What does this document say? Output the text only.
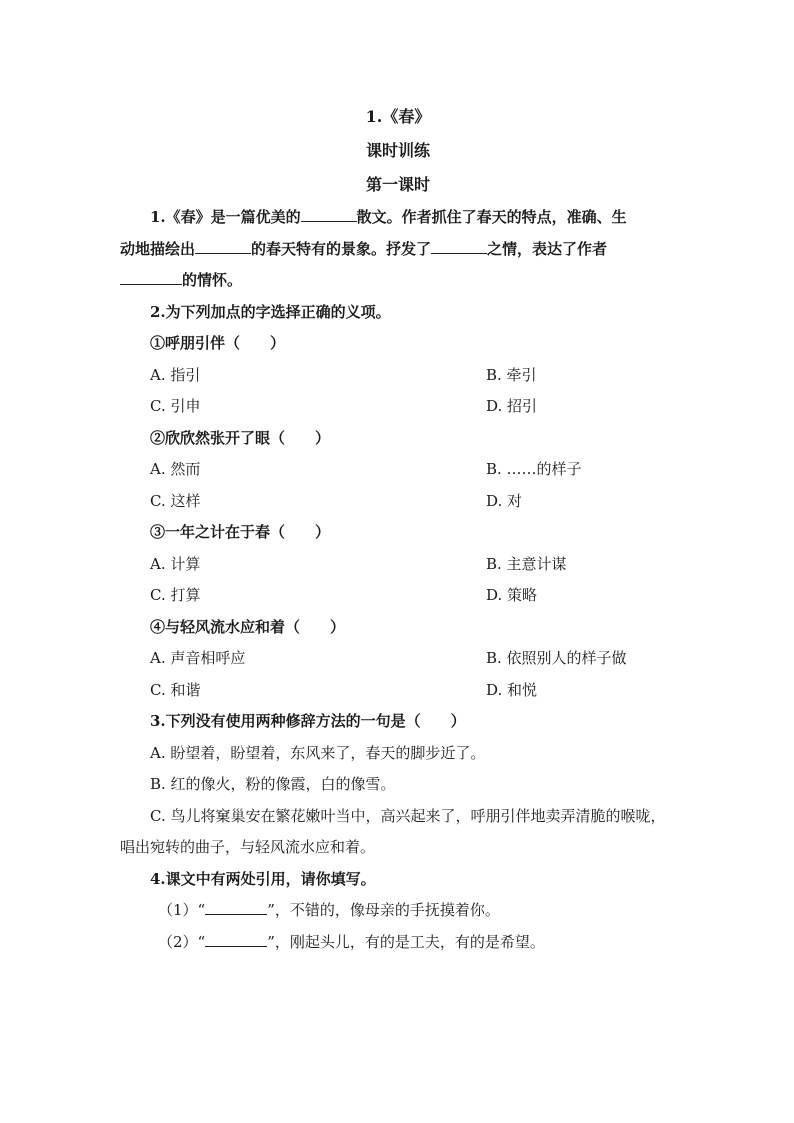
1.《春》
课时训练
第一课时
1.《春》是一篇优美的	散文。作者抓住了春天的特点，准确、生
动地描绘出	的春天特有的景象。抒发了	之情，表达了作者
的情怀。
2.为下列加点的字选择正确的义项。
①呼朋引伴（　　）
A. 指引	B. 牵引
C. 引申	D. 招引
②欣欣然张开了眼（　　）
A. 然而	B. ……的样子
C. 这样	D. 对
③一年之计在于春（　　）
A. 计算	B. 主意计谋
C. 打算	D. 策略
④与轻风流水应和着（　　）
A. 声音相呼应	B. 依照别人的样子做
C. 和谐	D. 和悦
3.下列没有使用两种修辞方法的一句是（　　）
A. 盼望着，盼望着，东风来了，春天的脚步近了。
B. 红的像火，粉的像霞，白的像雪。
C. 鸟儿将窠巢安在繁花嫩叶当中，高兴起来了，呼朋引伴地卖弄清脆的喉咙，唱出宛转的曲子，与轻风流水应和着。
4.课文中有两处引用，请你填写。
（1）“	”，不错的，像母亲的手抚摸着你。
（2）“	”，刚起头儿，有的是工夫，有的是希望。
